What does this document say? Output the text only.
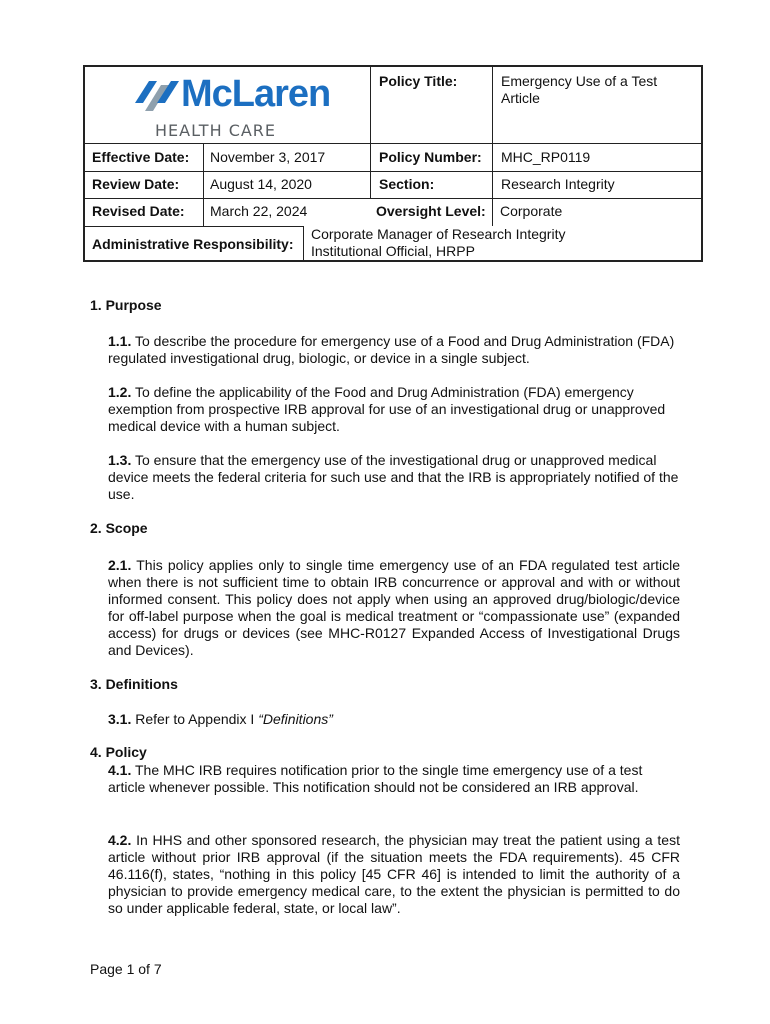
McLaren
HEALTH CARE
Policy Title:	Emergency Use of a Test Article
Effective Date: November 3, 2017	Policy Number: MHC_RP0119
Review Date: August 14, 2020	Section:	Research Integrity
Revised Date: March 22, 2024	Oversight Level: Corporate
Administrative Responsibility:
Corporate Manager of Research Integrity
Institutional Official, HRPP
1. Purpose

1.1. To describe the procedure for emergency use of a Food and Drug Administration (FDA) regulated investigational drug, biologic, or device in a single subject.

1.2. To define the applicability of the Food and Drug Administration (FDA) emergency exemption from prospective IRB approval for use of an investigational drug or unapproved medical device with a human subject.

1.3. To ensure that the emergency use of the investigational drug or unapproved medical device meets the federal criteria for such use and that the IRB is appropriately notified of the use.

2. Scope

2.1. This policy applies only to single time emergency use of an FDA regulated test article when there is not sufficient time to obtain IRB concurrence or approval and with or without informed consent. This policy does not apply when using an approved drug/biologic/device for off-label purpose when the goal is medical treatment or “compassionate use” (expanded access) for drugs or devices (see MHC-R0127 Expanded Access of Investigational Drugs and Devices).

3. Definitions

3.1. Refer to Appendix I “Definitions”

4. Policy

4.1. The MHC IRB requires notification prior to the single time emergency use of a test article whenever possible. This notification should not be considered an IRB approval.

4.2. In HHS and other sponsored research, the physician may treat the patient using a test article without prior IRB approval (if the situation meets the FDA requirements). 45 CFR 46.116(f), states, “nothing in this policy [45 CFR 46] is intended to limit the authority of a physician to provide emergency medical care, to the extent the physician is permitted to do so under applicable federal, state, or local law”.

Page 1 of 7
